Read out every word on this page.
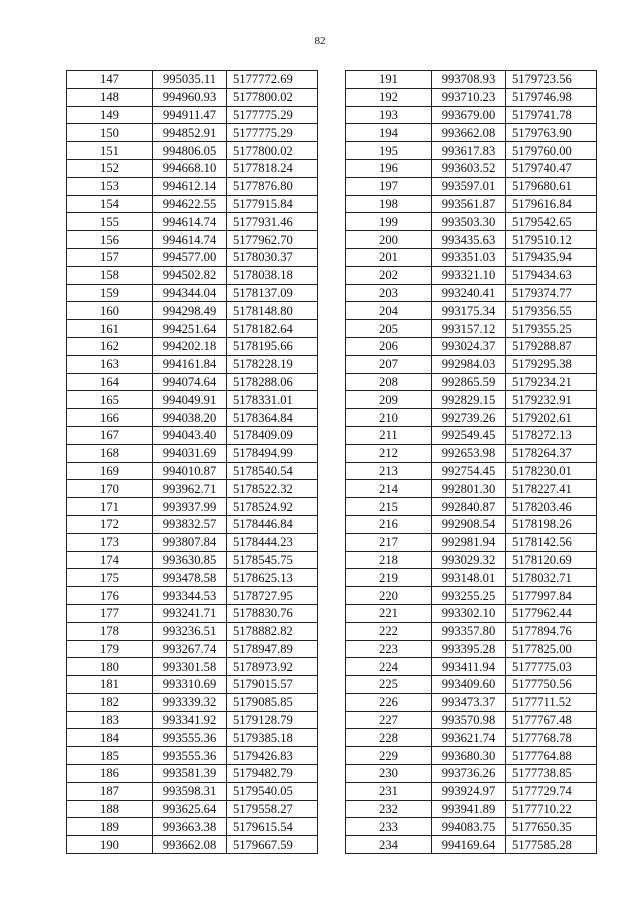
82
147	995035.11	5177772.69
148	994960.93	5177800.02
149	994911.47	5177775.29
150	994852.91	5177775.29
151	994806.05	5177800.02
152	994668.10	5177818.24
153	994612.14	5177876.80
154	994622.55	5177915.84
155	994614.74	5177931.46
156	994614.74	5177962.70
157	994577.00	5178030.37
158	994502.82	5178038.18
159	994344.04	5178137.09
160	994298.49	5178148.80
161	994251.64	5178182.64
162	994202.18	5178195.66
163	994161.84	5178228.19
164	994074.64	5178288.06
165	994049.91	5178331.01
166	994038.20	5178364.84
167	994043.40	5178409.09
168	994031.69	5178494.99
169	994010.87	5178540.54
170	993962.71	5178522.32
171	993937.99	5178524.92
172	993832.57	5178446.84
173	993807.84	5178444.23
174	993630.85	5178545.75
175	993478.58	5178625.13
176	993344.53	5178727.95
177	993241.71	5178830.76
178	993236.51	5178882.82
179	993267.74	5178947.89
180	993301.58	5178973.92
181	993310.69	5179015.57
182	993339.32	5179085.85
183	993341.92	5179128.79
184	993555.36	5179385.18
185	993555.36	5179426.83
186	993581.39	5179482.79
187	993598.31	5179540.05
188	993625.64	5179558.27
189	993663.38	5179615.54
190	993662.08	5179667.59
191	993708.93	5179723.56
192	993710.23	5179746.98
193	993679.00	5179741.78
194	993662.08	5179763.90
195	993617.83	5179760.00
196	993603.52	5179740.47
197	993597.01	5179680.61
198	993561.87	5179616.84
199	993503.30	5179542.65
200	993435.63	5179510.12
201	993351.03	5179435.94
202	993321.10	5179434.63
203	993240.41	5179374.77
204	993175.34	5179356.55
205	993157.12	5179355.25
206	993024.37	5179288.87
207	992984.03	5179295.38
208	992865.59	5179234.21
209	992829.15	5179232.91
210	992739.26	5179202.61
211	992549.45	5178272.13
212	992653.98	5178264.37
213	992754.45	5178230.01
214	992801.30	5178227.41
215	992840.87	5178203.46
216	992908.54	5178198.26
217	992981.94	5178142.56
218	993029.32	5178120.69
219	993148.01	5178032.71
220	993255.25	5177997.84
221	993302.10	5177962.44
222	993357.80	5177894.76
223	993395.28	5177825.00
224	993411.94	5177775.03
225	993409.60	5177750.56
226	993473.37	5177711.52
227	993570.98	5177767.48
228	993621.74	5177768.78
229	993680.30	5177764.88
230	993736.26	5177738.85
231	993924.97	5177729.74
232	993941.89	5177710.22
233	994083.75	5177650.35
234	994169.64	5177585.28
